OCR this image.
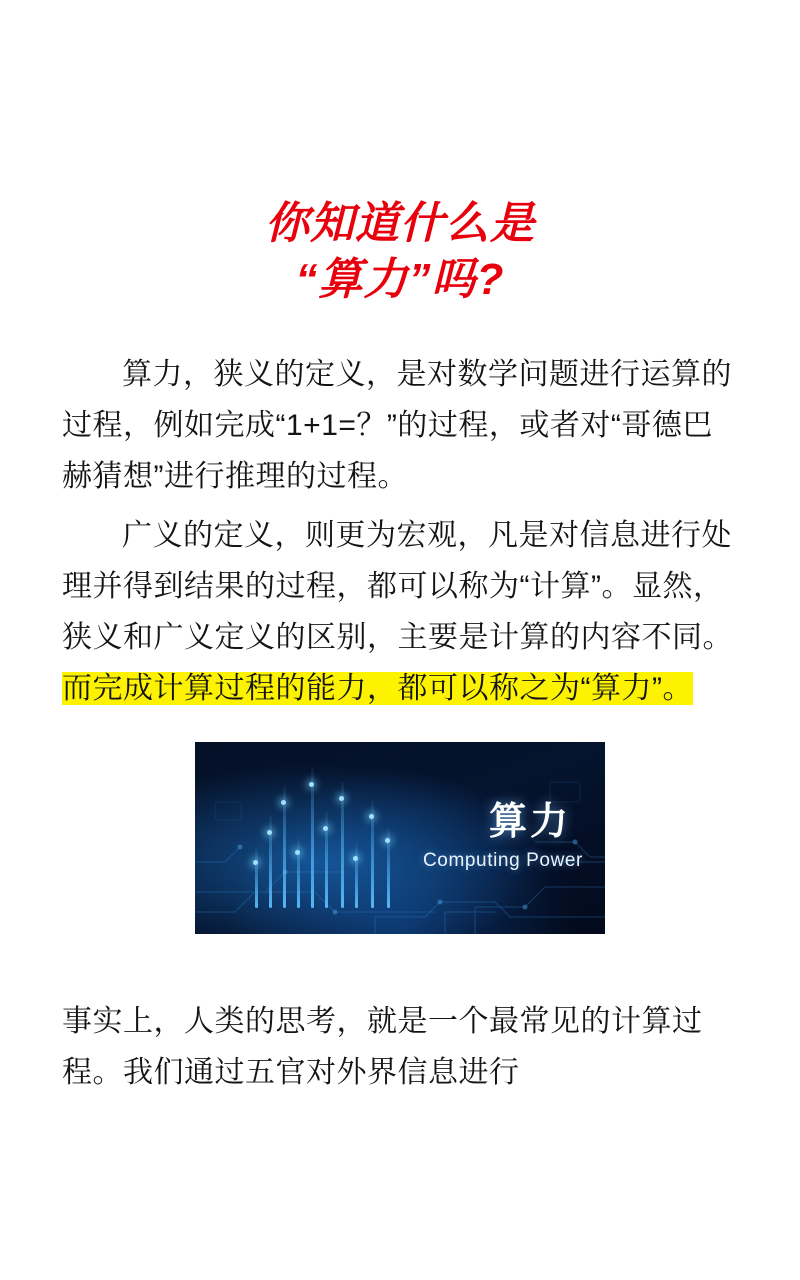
你知道什么是
“算力”吗?

算力，狭义的定义，是对数学问题进行运算的过程，例如完成“1+1=？”的过程，或者对“哥德巴赫猜想”进行推理的过程。

广义的定义，则更为宏观，凡是对信息进行处理并得到结果的过程，都可以称为“计算”。显然，狭义和广义定义的区别，主要是计算的内容不同。而完成计算过程的能力，都可以称之为“算力”。

算力
Computing Power

事实上，人类的思考，就是一个最常见的计算过程。我们通过五官对外界信息进行
